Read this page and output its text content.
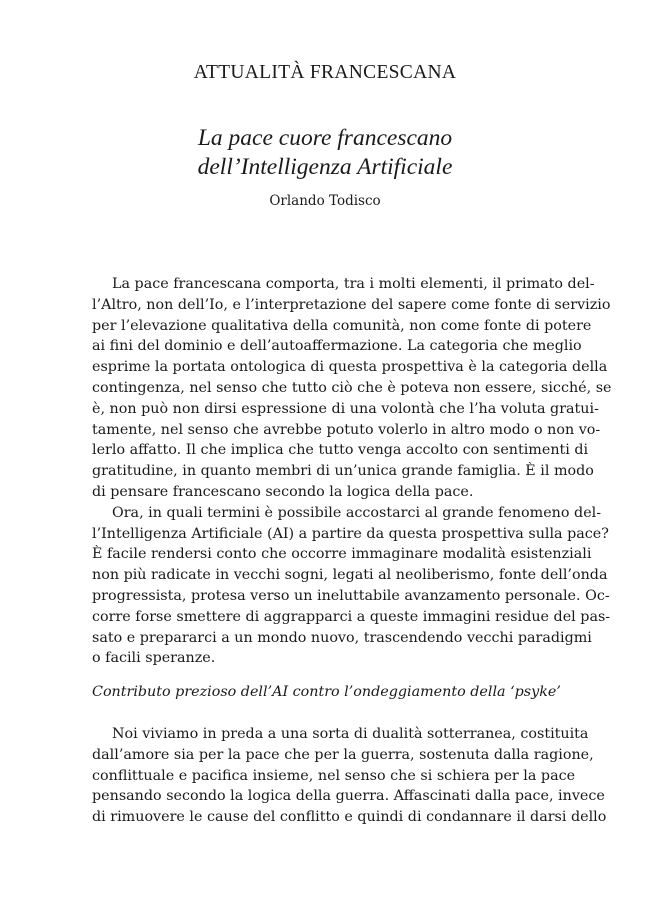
ATTUALITÀ FRANCESCANA
La pace cuore francescano
dell’Intelligenza Artificiale
Orlando Todisco
La pace francescana comporta, tra i molti elementi, il primato del-
l’Altro, non dell’Io, e l’interpretazione del sapere come fonte di servizio
per l’elevazione qualitativa della comunità, non come fonte di potere
ai fini del dominio e dell’autoaffermazione. La categoria che meglio
esprime la portata ontologica di questa prospettiva è la categoria della
contingenza, nel senso che tutto ciò che è poteva non essere, sicché, se
è, non può non dirsi espressione di una volontà che l’ha voluta gratui-
tamente, nel senso che avrebbe potuto volerlo in altro modo o non vo-
lerlo affatto. Il che implica che tutto venga accolto con sentimenti di
gratitudine, in quanto membri di un’unica grande famiglia. È il modo
di pensare francescano secondo la logica della pace.
Ora, in quali termini è possibile accostarci al grande fenomeno del-
l’Intelligenza Artificiale (AI) a partire da questa prospettiva sulla pace?
È facile rendersi conto che occorre immaginare modalità esistenziali
non più radicate in vecchi sogni, legati al neoliberismo, fonte dell’onda
progressista, protesa verso un ineluttabile avanzamento personale. Oc-
corre forse smettere di aggrapparci a queste immagini residue del pas-
sato e prepararci a un mondo nuovo, trascendendo vecchi paradigmi
o facili speranze.
Contributo prezioso dell’AI contro l’ondeggiamento della ‘psyke’
Noi viviamo in preda a una sorta di dualità sotterranea, costituita
dall’amore sia per la pace che per la guerra, sostenuta dalla ragione,
conflittuale e pacifica insieme, nel senso che si schiera per la pace
pensando secondo la logica della guerra. Affascinati dalla pace, invece
di rimuovere le cause del conflitto e quindi di condannare il darsi dello
